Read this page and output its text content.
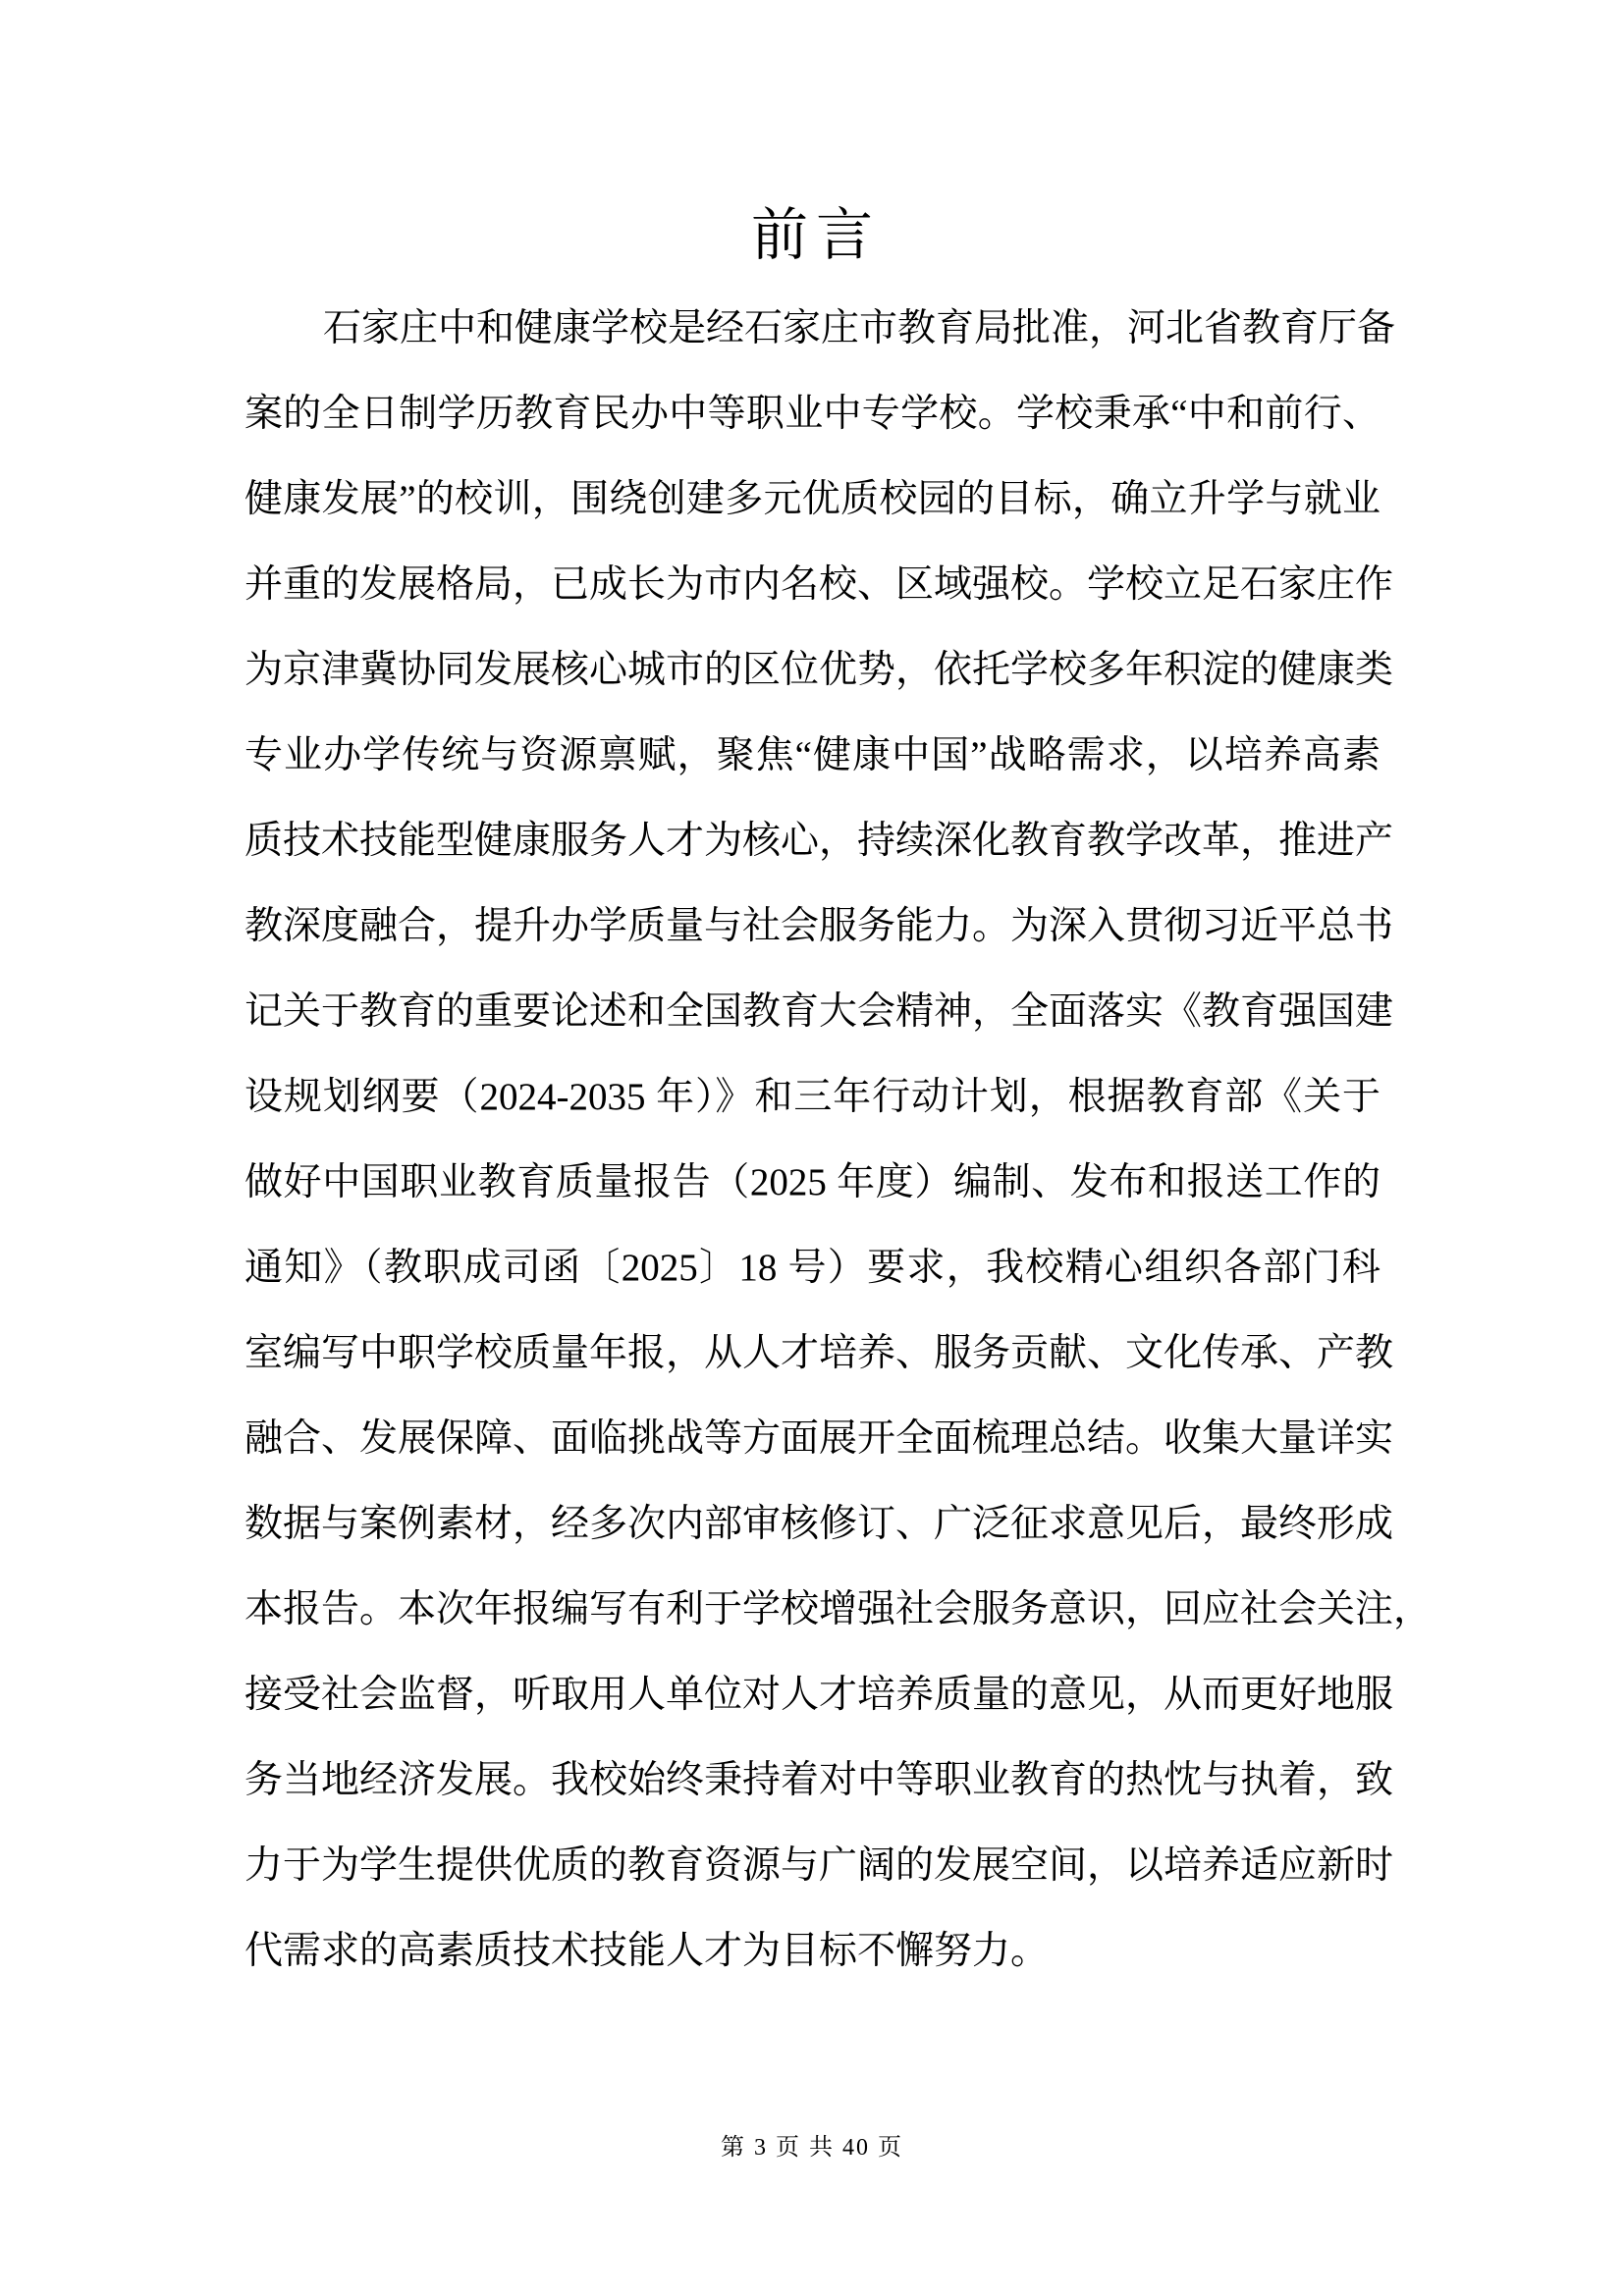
前言
石家庄中和健康学校是经石家庄市教育局批准，河北省教育厅备
案的全日制学历教育民办中等职业中专学校。学校秉承“中和前行、
健康发展”的校训，围绕创建多元优质校园的目标，确立升学与就业
并重的发展格局，已成长为市内名校、区域强校。学校立足石家庄作
为京津冀协同发展核心城市的区位优势，依托学校多年积淀的健康类
专业办学传统与资源禀赋，聚焦“健康中国”战略需求，以培养高素
质技术技能型健康服务人才为核心，持续深化教育教学改革，推进产
教深度融合，提升办学质量与社会服务能力。为深入贯彻习近平总书
记关于教育的重要论述和全国教育大会精神，全面落实《教育强国建
设规划纲要（2024-2035 年）》和三年行动计划，根据教育部《关于
做好中国职业教育质量报告（2025 年度）编制、发布和报送工作的
通知》（教职成司函〔2025〕18 号）要求，我校精心组织各部门科
室编写中职学校质量年报，从人才培养、服务贡献、文化传承、产教
融合、发展保障、面临挑战等方面展开全面梳理总结。收集大量详实
数据与案例素材，经多次内部审核修订、广泛征求意见后，最终形成
本报告。本次年报编写有利于学校增强社会服务意识，回应社会关注，
接受社会监督，听取用人单位对人才培养质量的意见，从而更好地服
务当地经济发展。我校始终秉持着对中等职业教育的热忱与执着，致
力于为学生提供优质的教育资源与广阔的发展空间，以培养适应新时
代需求的高素质技术技能人才为目标不懈努力。
第 3 页 共 40 页
